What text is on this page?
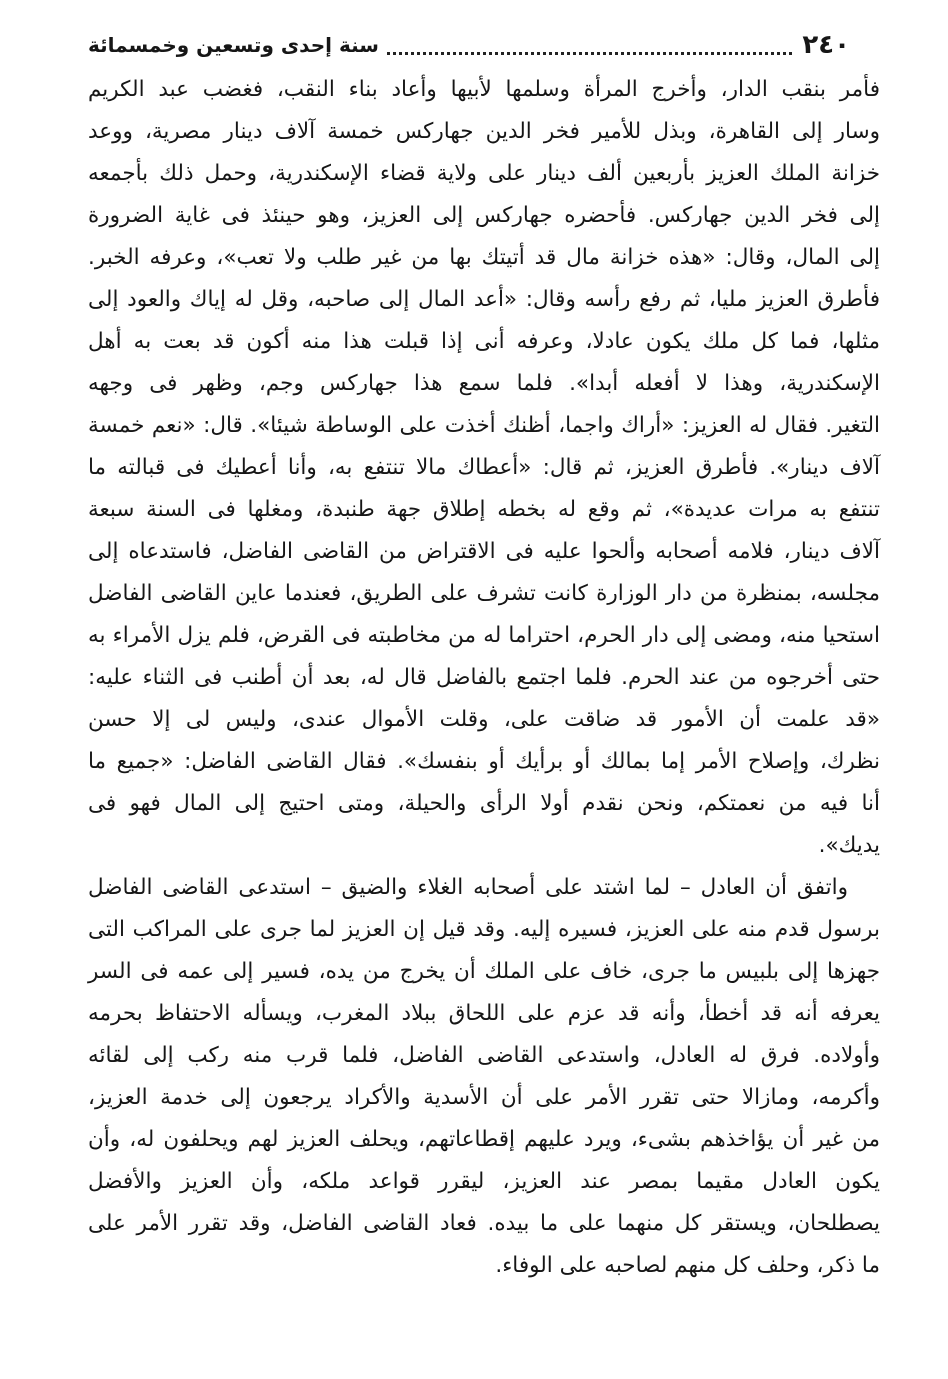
٢٤٠
سنة إحدى وتسعين وخمسمائة
فأمر بنقب الدار، وأخرج المرأة وسلمها لأبيها وأعاد بناء النقب، فغضب عبد الكريم
وسار إلى القاهرة، وبذل للأمير فخر الدين جهاركس خمسة آلاف دينار مصرية، ووعد
خزانة الملك العزيز بأربعين ألف دينار على ولاية قضاء الإسكندرية، وحمل ذلك بأجمعه
إلى فخر الدين جهاركس. فأحضره جهاركس إلى العزيز، وهو حينئذ فى غاية الضرورة
إلى المال، وقال: «هذه خزانة مال قد أتيتك بها من غير طلب ولا تعب»، وعرفه الخبر.
فأطرق العزيز مليا، ثم رفع رأسه وقال: «أعد المال إلى صاحبه، وقل له إياك والعود إلى
مثلها، فما كل ملك يكون عادلا، وعرفه أنى إذا قبلت هذا منه أكون قد بعت به أهل
الإسكندرية، وهذا لا أفعله أبدا». فلما سمع هذا جهاركس وجم، وظهر فى وجهه
التغير. فقال له العزيز: «أراك واجما، أظنك أخذت على الوساطة شيئا». قال: «نعم خمسة
آلاف دينار». فأطرق العزيز، ثم قال: «أعطاك مالا تنتفع به، وأنا أعطيك فى قبالته ما
تنتفع به مرات عديدة»، ثم وقع له بخطه إطلاق جهة طنبدة، ومغلها فى السنة سبعة
آلاف دينار، فلامه أصحابه وألحوا عليه فى الاقتراض من القاضى الفاضل، فاستدعاه إلى
مجلسه، بمنظرة من دار الوزارة كانت تشرف على الطريق، فعندما عاين القاضى الفاضل
استحيا منه، ومضى إلى دار الحرم، احتراما له من مخاطبته فى القرض، فلم يزل الأمراء به
حتى أخرجوه من عند الحرم. فلما اجتمع بالفاضل قال له، بعد أن أطنب فى الثناء عليه:
«قد علمت أن الأمور قد ضاقت على، وقلت الأموال عندى، وليس لى إلا حسن
نظرك، وإصلاح الأمر إما بمالك أو برأيك أو بنفسك». فقال القاضى الفاضل: «جميع ما
أنا فيه من نعمتكم، ونحن نقدم أولا الرأى والحيلة، ومتى احتيج إلى المال فهو فى
يديك».
واتفق أن العادل – لما اشتد على أصحابه الغلاء والضيق – استدعى القاضى الفاضل
برسول قدم منه على العزيز، فسيره إليه. وقد قيل إن العزيز لما جرى على المراكب التى
جهزها إلى بلبيس ما جرى، خاف على الملك أن يخرج من يده، فسير إلى عمه فى السر
يعرفه أنه قد أخطأ، وأنه قد عزم على اللحاق ببلاد المغرب، ويسأله الاحتفاظ بحرمه
وأولاده. فرق له العادل، واستدعى القاضى الفاضل، فلما قرب منه ركب إلى لقائه
وأكرمه، ومازالا حتى تقرر الأمر على أن الأسدية والأكراد يرجعون إلى خدمة العزيز،
من غير أن يؤاخذهم بشىء، ويرد عليهم إقطاعاتهم، ويحلف العزيز لهم ويحلفون له، وأن
يكون العادل مقيما بمصر عند العزيز، ليقرر قواعد ملكه، وأن العزيز والأفضل
يصطلحان، ويستقر كل منهما على ما بيده. فعاد القاضى الفاضل، وقد تقرر الأمر على
ما ذكر، وحلف كل منهم لصاحبه على الوفاء.
